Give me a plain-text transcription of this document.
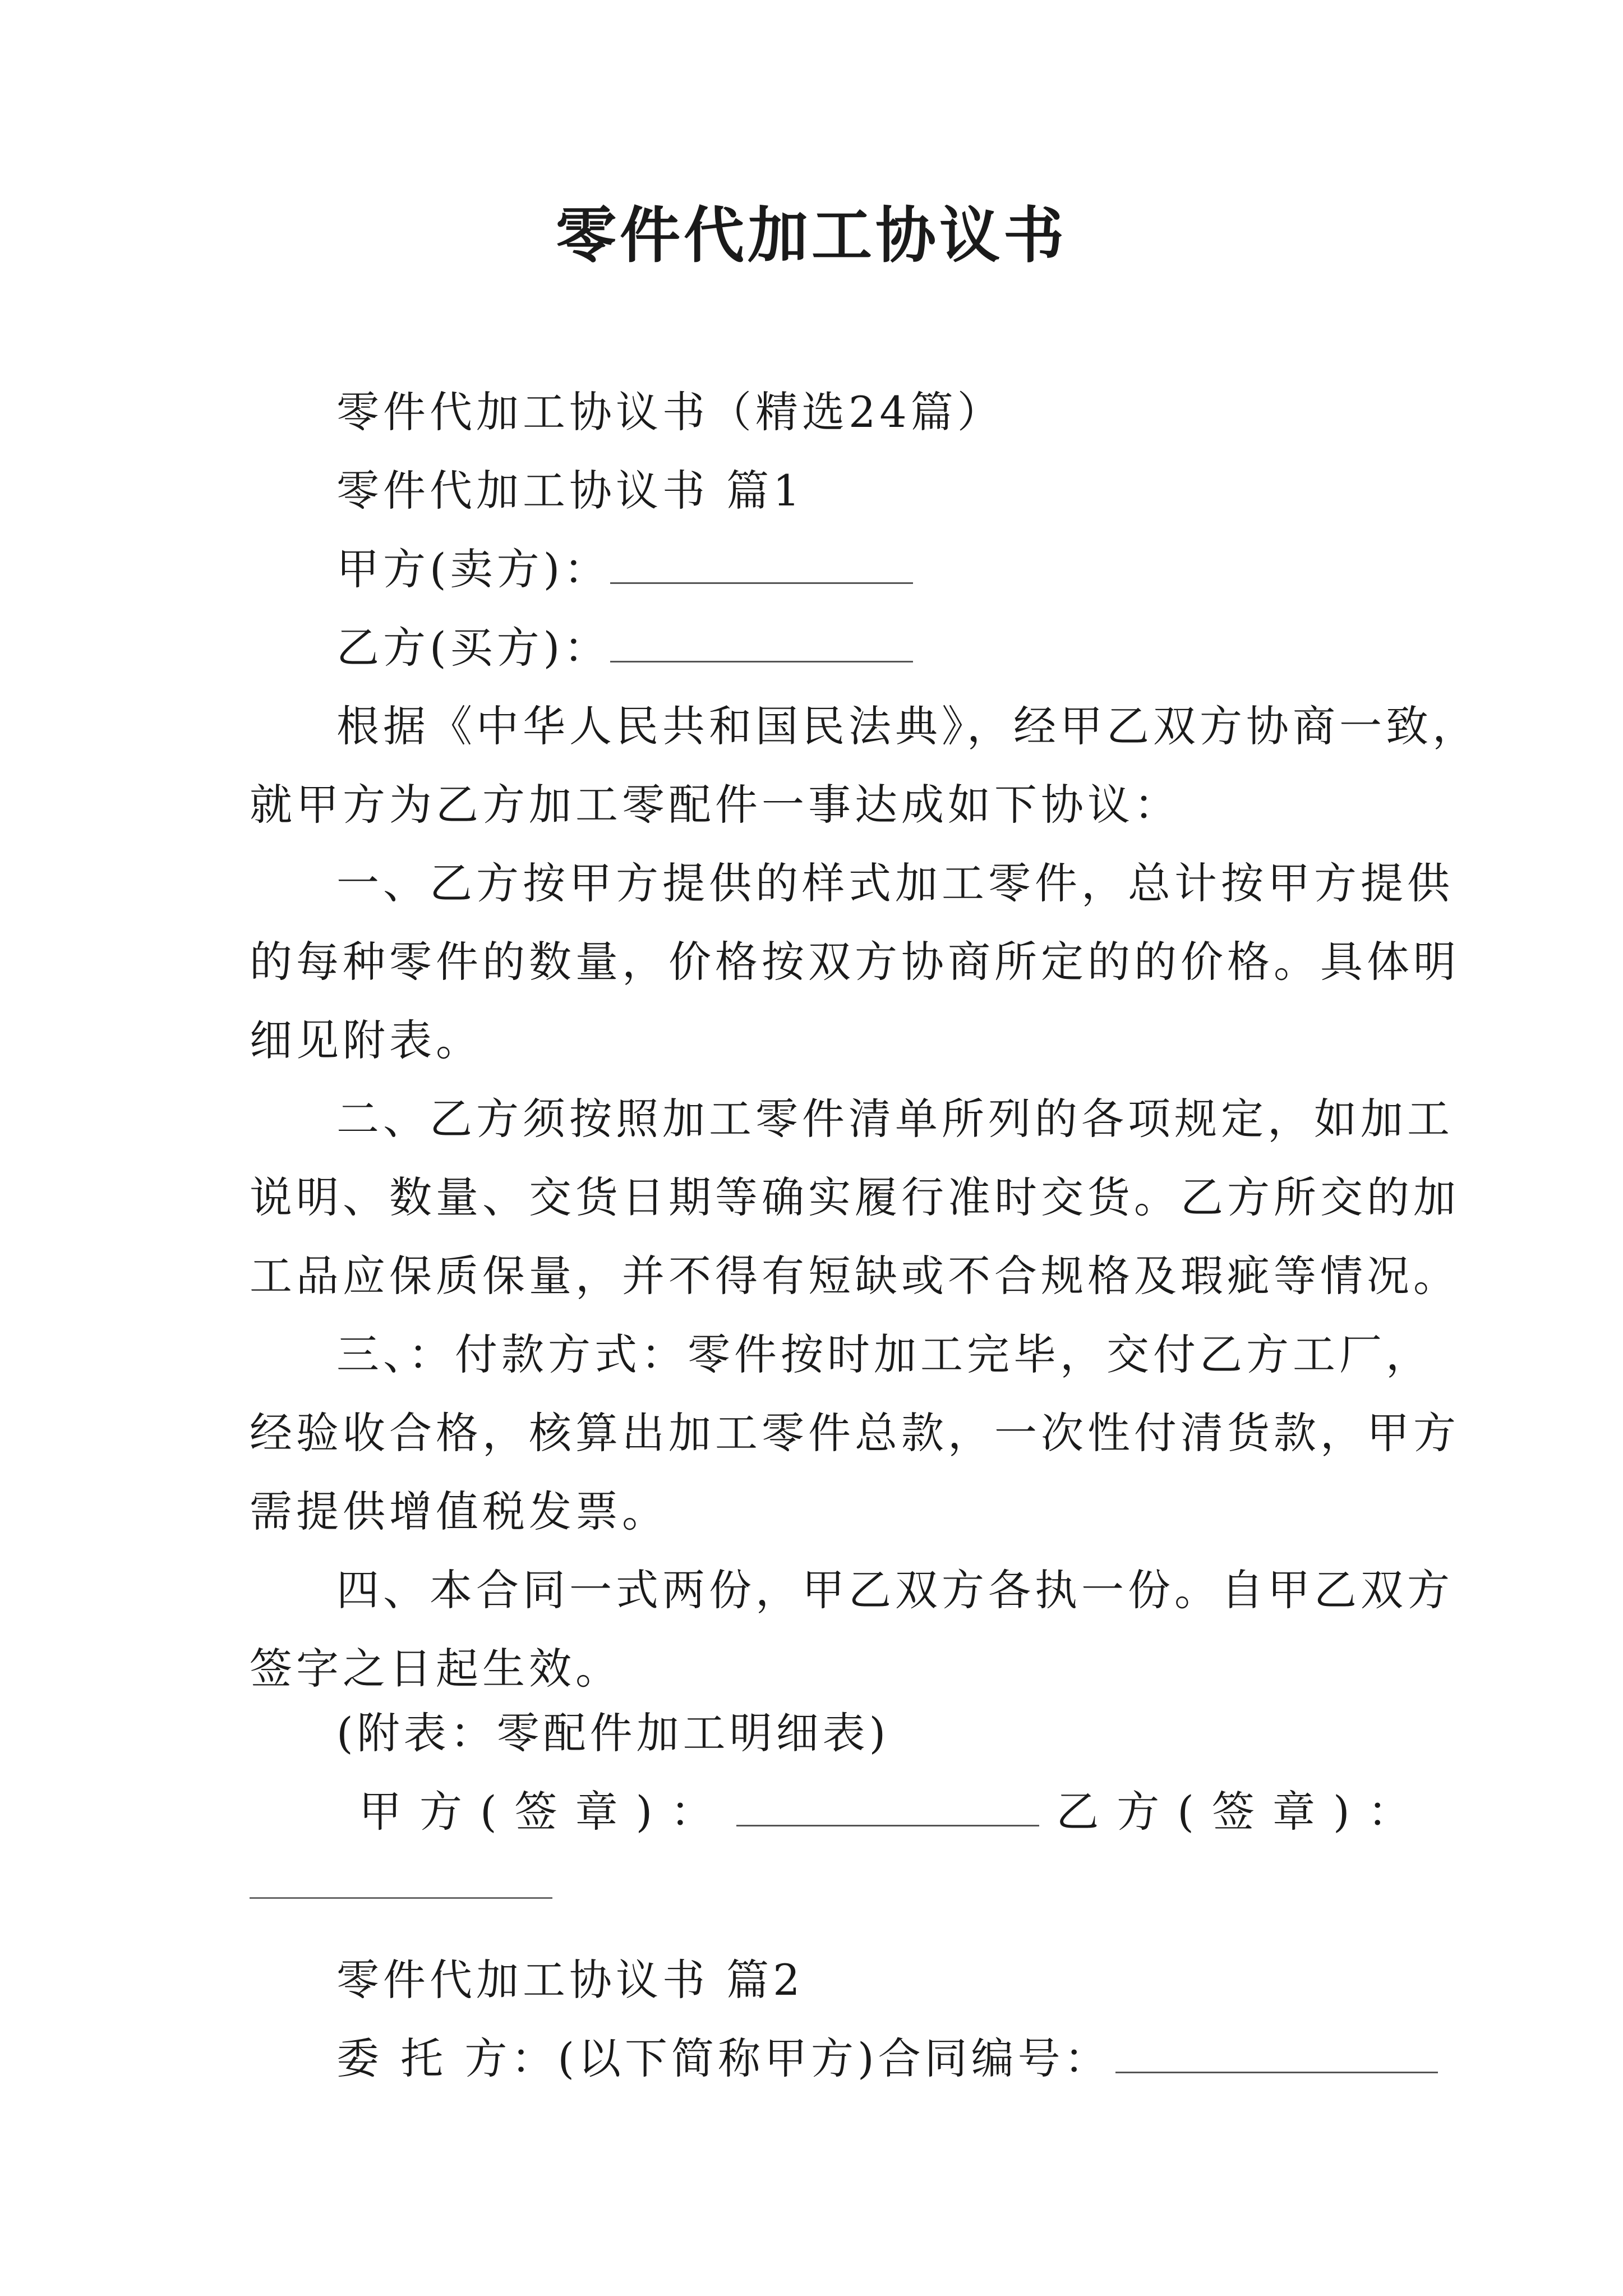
零件代加工协议书
零件代加工协议书（精选24篇）
零件代加工协议书 篇1
甲方(卖方)：
乙方(买方)：
根据《中华人民共和国民法典》，经甲乙双方协商一致，
就甲方为乙方加工零配件一事达成如下协议：
一、乙方按甲方提供的样式加工零件，总计按甲方提供
的每种零件的数量，价格按双方协商所定的的价格。具体明
细见附表。
二、乙方须按照加工零件清单所列的各项规定，如加工
说明、数量、交货日期等确实履行准时交货。乙方所交的加
工品应保质保量，并不得有短缺或不合规格及瑕疵等情况。
三、：付款方式：零件按时加工完毕，交付乙方工厂，
经验收合格，核算出加工零件总款，一次性付清货款，甲方
需提供增值税发票。
四、本合同一式两份，甲乙双方各执一份。自甲乙双方
签字之日起生效。
(附表：零配件加工明细表)
甲方(签章)：	乙方(签章)：
零件代加工协议书 篇2
委 托 方：(以下简称甲方)合同编号：
